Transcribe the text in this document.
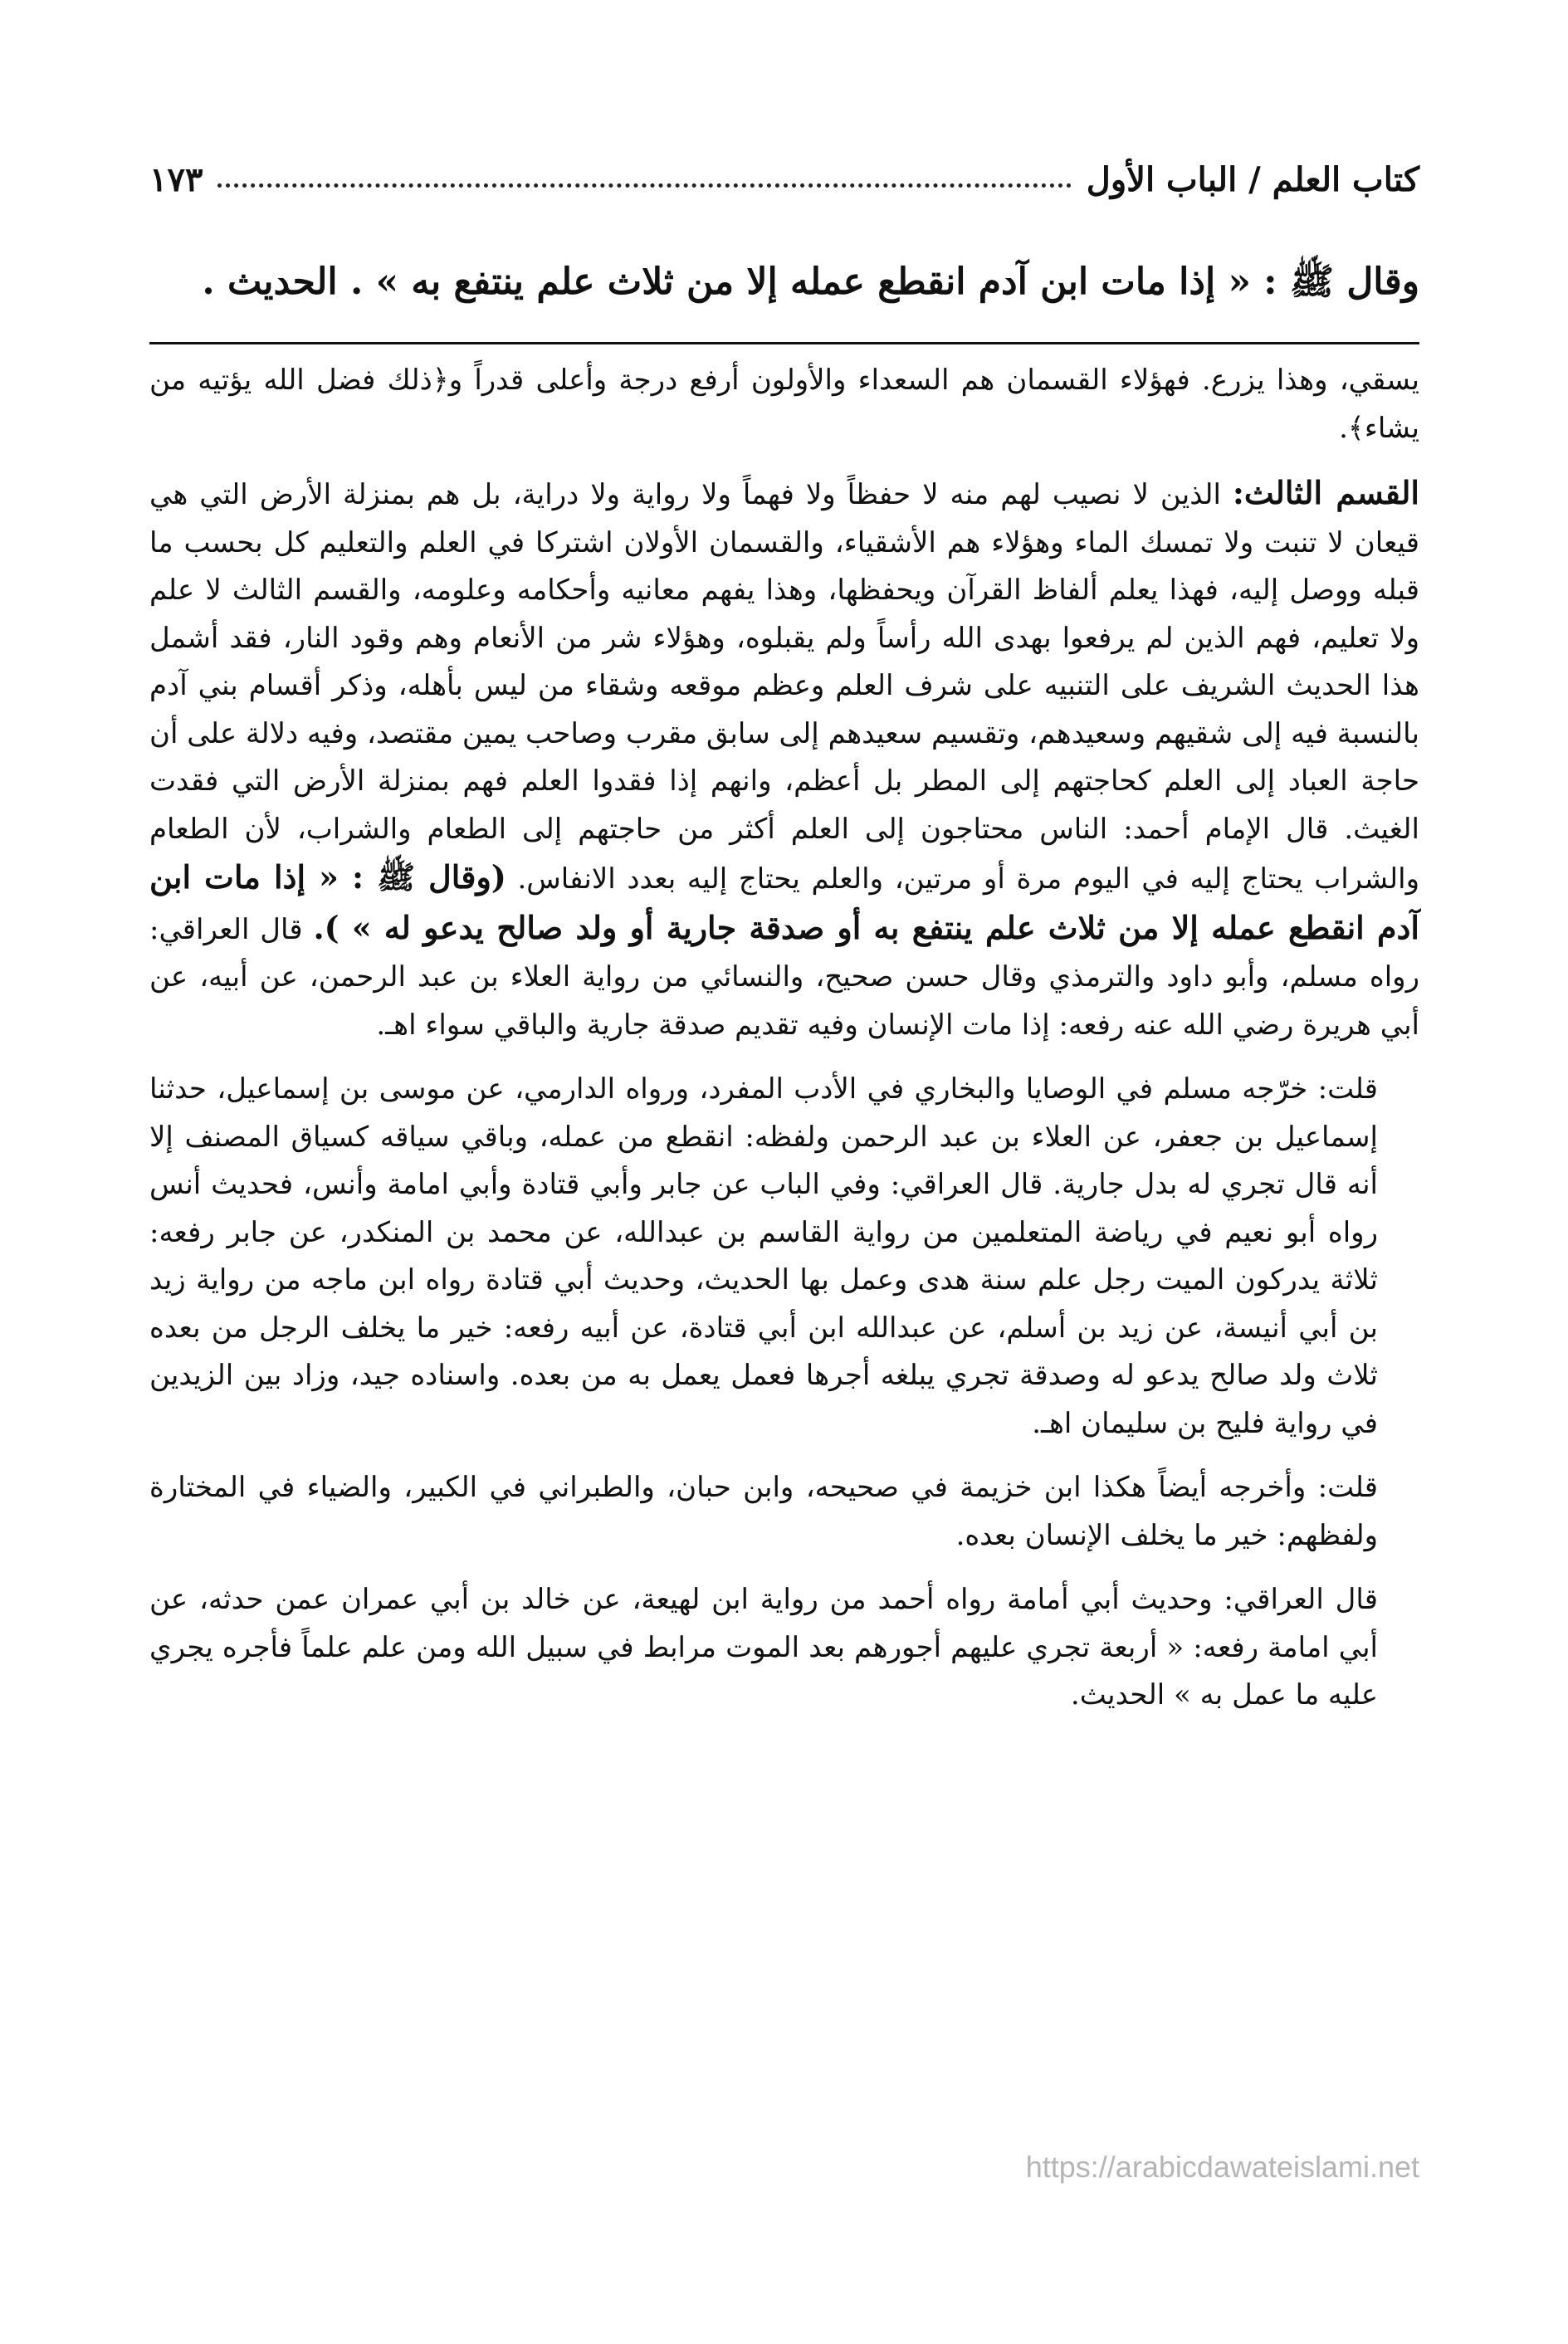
كتاب العلم / الباب الأول
١٧٣
وقال ﷺ : « إذا مات ابن آدم انقطع عمله إلا من ثلاث علم ينتفع به » . الحديث .

يسقي، وهذا يزرع. فهؤلاء القسمان هم السعداء والأولون أرفع درجة وأعلى قدراً و﴿ذلك فضل الله يؤتيه من يشاء﴾.

القسم الثالث: الذين لا نصيب لهم منه لا حفظاً ولا فهماً ولا رواية ولا دراية، بل هم بمنزلة الأرض التي هي قيعان لا تنبت ولا تمسك الماء وهؤلاء هم الأشقياء، والقسمان الأولان اشتركا في العلم والتعليم كل بحسب ما قبله ووصل إليه، فهذا يعلم ألفاظ القرآن ويحفظها، وهذا يفهم معانيه وأحكامه وعلومه، والقسم الثالث لا علم ولا تعليم، فهم الذين لم يرفعوا بهدى الله رأساً ولم يقبلوه، وهؤلاء شر من الأنعام وهم وقود النار، فقد أشمل هذا الحديث الشريف على التنبيه على شرف العلم وعظم موقعه وشقاء من ليس بأهله، وذكر أقسام بني آدم بالنسبة فيه إلى شقيهم وسعيدهم، وتقسيم سعيدهم إلى سابق مقرب وصاحب يمين مقتصد، وفيه دلالة على أن حاجة العباد إلى العلم كحاجتهم إلى المطر بل أعظم، وانهم إذا فقدوا العلم فهم بمنزلة الأرض التي فقدت الغيث. قال الإمام أحمد: الناس محتاجون إلى العلم أكثر من حاجتهم إلى الطعام والشراب، لأن الطعام والشراب يحتاج إليه في اليوم مرة أو مرتين، والعلم يحتاج إليه بعدد الانفاس. (وقال ﷺ : « إذا مات ابن آدم انقطع عمله إلا من ثلاث علم ينتفع به أو صدقة جارية أو ولد صالح يدعو له » ). قال العراقي: رواه مسلم، وأبو داود والترمذي وقال حسن صحيح، والنسائي من رواية العلاء بن عبد الرحمن، عن أبيه، عن أبي هريرة رضي الله عنه رفعه: إذا مات الإنسان وفيه تقديم صدقة جارية والباقي سواء اهـ.

قلت: خرّجه مسلم في الوصايا والبخاري في الأدب المفرد، ورواه الدارمي، عن موسى بن إسماعيل، حدثنا إسماعيل بن جعفر، عن العلاء بن عبد الرحمن ولفظه: انقطع من عمله، وباقي سياقه كسياق المصنف إلا أنه قال تجري له بدل جارية. قال العراقي: وفي الباب عن جابر وأبي قتادة وأبي امامة وأنس، فحديث أنس رواه أبو نعيم في رياضة المتعلمين من رواية القاسم بن عبدالله، عن محمد بن المنكدر، عن جابر رفعه: ثلاثة يدركون الميت رجل علم سنة هدى وعمل بها الحديث، وحديث أبي قتادة رواه ابن ماجه من رواية زيد بن أبي أنيسة، عن زيد بن أسلم، عن عبدالله ابن أبي قتادة، عن أبيه رفعه: خير ما يخلف الرجل من بعده ثلاث ولد صالح يدعو له وصدقة تجري يبلغه أجرها فعمل يعمل به من بعده. واسناده جيد، وزاد بين الزيدين في رواية فليح بن سليمان اهـ.

قلت: وأخرجه أيضاً هكذا ابن خزيمة في صحيحه، وابن حبان، والطبراني في الكبير، والضياء في المختارة ولفظهم: خير ما يخلف الإنسان بعده.

قال العراقي: وحديث أبي أمامة رواه أحمد من رواية ابن لهيعة، عن خالد بن أبي عمران عمن حدثه، عن أبي امامة رفعه: « أربعة تجري عليهم أجورهم بعد الموت مرابط في سبيل الله ومن علم علماً فأجره يجري عليه ما عمل به » الحديث.

https://arabicdawateislami.net
